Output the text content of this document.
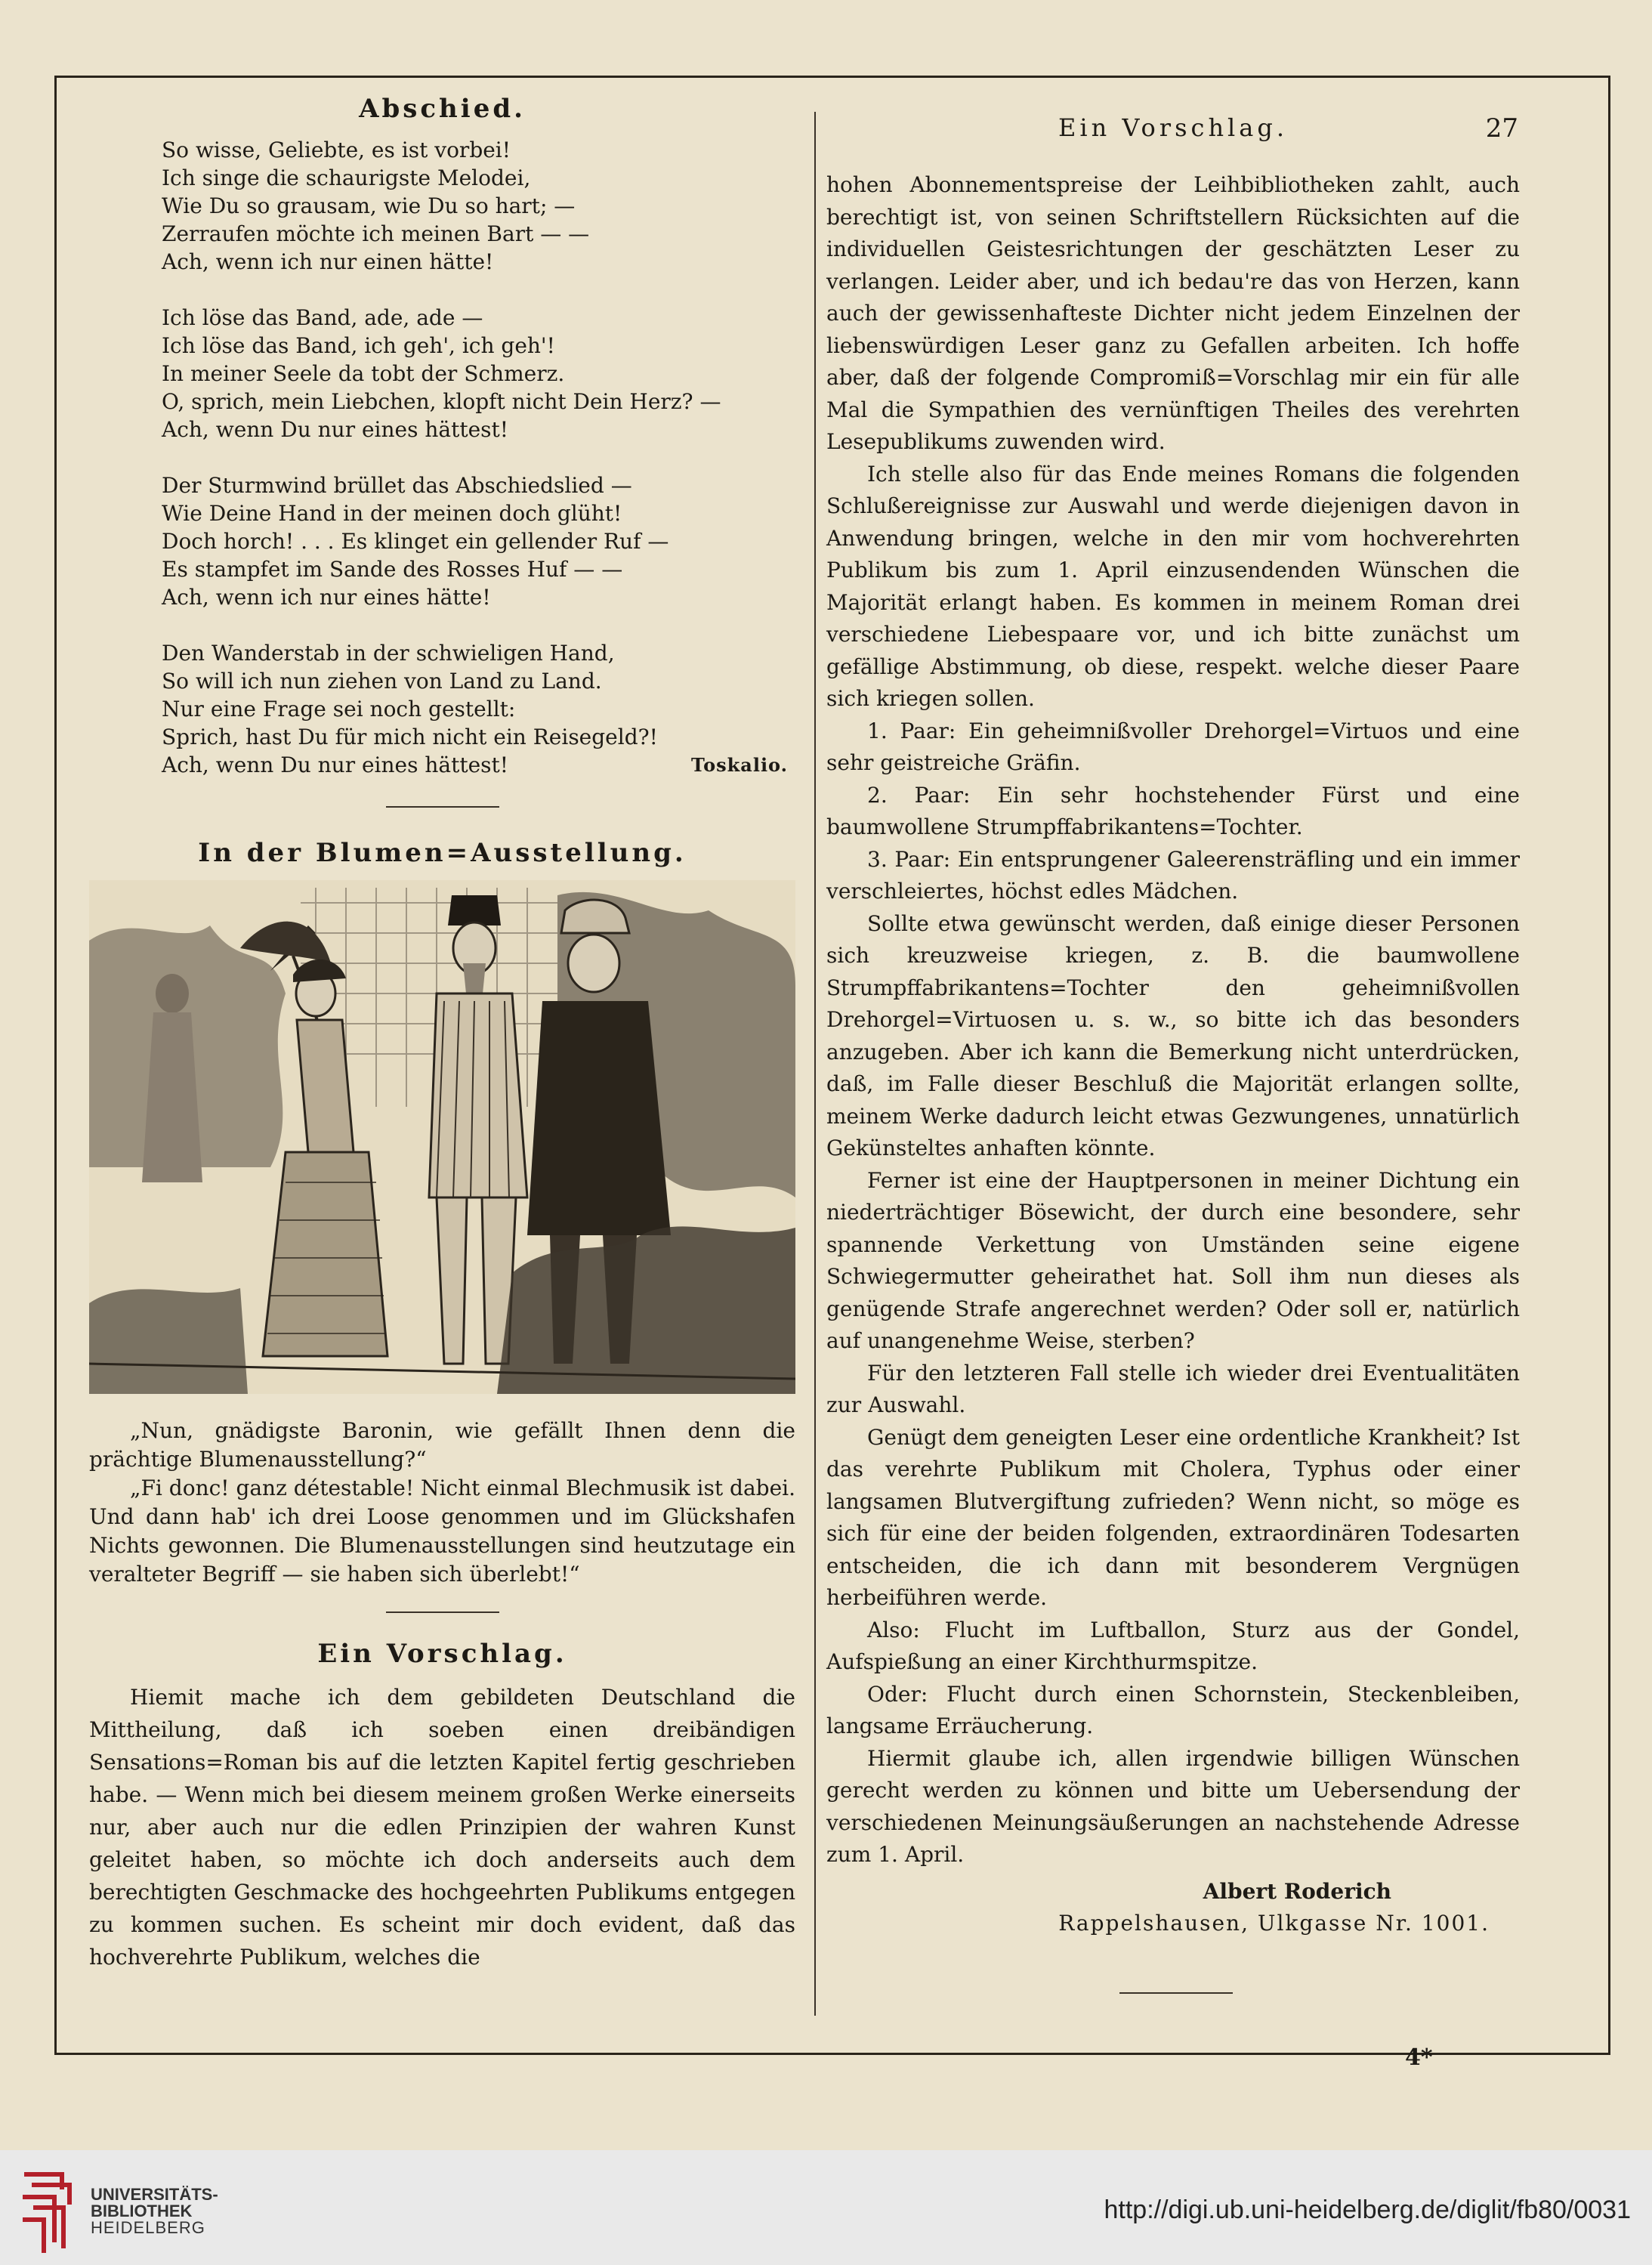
Abschied.
So wisse, Geliebte, es ist vorbei!
Ich singe die schaurigste Melodei,
Wie Du so grausam, wie Du so hart; —
Zerraufen möchte ich meinen Bart — —
Ach, wenn ich nur einen hätte!
Ich löse das Band, ade, ade —
Ich löse das Band, ich geh', ich geh'!
In meiner Seele da tobt der Schmerz.
O, sprich, mein Liebchen, klopft nicht Dein Herz? —
Ach, wenn Du nur eines hättest!
Der Sturmwind brüllet das Abschiedslied —
Wie Deine Hand in der meinen doch glüht!
Doch horch! . . . Es klinget ein gellender Ruf —
Es stampfet im Sande des Rosses Huf — —
Ach, wenn ich nur eines hätte!
Den Wanderstab in der schwieligen Hand,
So will ich nun ziehen von Land zu Land.
Nur eine Frage sei noch gestellt:
Sprich, hast Du für mich nicht ein Reisegeld?!
Ach, wenn Du nur eines hättest!	Toskalio.
In der Blumen=Ausstellung.

„Nun, gnädigste Baronin, wie gefällt Ihnen denn die prächtige Blumenausstellung?“

„Fi donc! ganz détestable! Nicht einmal Blechmusik ist dabei. Und dann hab' ich drei Loose genommen und im Glückshafen Nichts gewonnen. Die Blumenausstellungen sind heutzutage ein veralteter Begriff — sie haben sich überlebt!“

Ein Vorschlag.

Hiemit mache ich dem gebildeten Deutschland die Mittheilung, daß ich soeben einen dreibändigen Sensations=Roman bis auf die letzten Kapitel fertig geschrieben habe. — Wenn mich bei diesem meinem großen Werke einerseits nur, aber auch nur die edlen Prinzipien der wahren Kunst geleitet haben, so möchte ich doch anderseits auch dem berechtigten Geschmacke des hochgeehrten Publikums entgegen zu kommen suchen. Es scheint mir doch evident, daß das hochverehrte Publikum, welches die

Ein Vorschlag.	27

hohen Abonnementspreise der Leihbibliotheken zahlt, auch berechtigt ist, von seinen Schriftstellern Rücksichten auf die individuellen Geistesrichtungen der geschätzten Leser zu verlangen. Leider aber, und ich bedau're das von Herzen, kann auch der gewissenhafteste Dichter nicht jedem Einzelnen der liebenswürdigen Leser ganz zu Gefallen arbeiten. Ich hoffe aber, daß der folgende Compromiß=Vorschlag mir ein für alle Mal die Sympathien des vernünftigen Theiles des verehrten Lesepublikums zuwenden wird.

Ich stelle also für das Ende meines Romans die folgenden Schlußereignisse zur Auswahl und werde diejenigen davon in Anwendung bringen, welche in den mir vom hochverehrten Publikum bis zum 1. April einzusendenden Wünschen die Majorität erlangt haben. Es kommen in meinem Roman drei verschiedene Liebespaare vor, und ich bitte zunächst um gefällige Abstimmung, ob diese, respekt. welche dieser Paare sich kriegen sollen.

1. Paar: Ein geheimnißvoller Drehorgel=Virtuos und eine sehr geistreiche Gräfin.

2. Paar: Ein sehr hochstehender Fürst und eine baumwollene Strumpffabrikantens=Tochter.

3. Paar: Ein entsprungener Galeerensträfling und ein immer verschleiertes, höchst edles Mädchen.

Sollte etwa gewünscht werden, daß einige dieser Personen sich kreuzweise kriegen, z. B. die baumwollene Strumpffabrikantens=Tochter den geheimnißvollen Drehorgel=Virtuosen u. s. w., so bitte ich das besonders anzugeben. Aber ich kann die Bemerkung nicht unterdrücken, daß, im Falle dieser Beschluß die Majorität erlangen sollte, meinem Werke dadurch leicht etwas Gezwungenes, unnatürlich Gekünsteltes anhaften könnte.

Ferner ist eine der Hauptpersonen in meiner Dichtung ein niederträchtiger Bösewicht, der durch eine besondere, sehr spannende Verkettung von Umständen seine eigene Schwiegermutter geheirathet hat. Soll ihm nun dieses als genügende Strafe angerechnet werden? Oder soll er, natürlich auf unangenehme Weise, sterben?

Für den letzteren Fall stelle ich wieder drei Eventualitäten zur Auswahl.

Genügt dem geneigten Leser eine ordentliche Krankheit? Ist das verehrte Publikum mit Cholera, Typhus oder einer langsamen Blutvergiftung zufrieden? Wenn nicht, so möge es sich für eine der beiden folgenden, extraordinären Todesarten entscheiden, die ich dann mit besonderem Vergnügen herbeiführen werde.

Also: Flucht im Luftballon, Sturz aus der Gondel, Aufspießung an einer Kirchthurmspitze.

Oder: Flucht durch einen Schornstein, Steckenbleiben, langsame Erräucherung.

Hiermit glaube ich, allen irgendwie billigen Wünschen gerecht werden zu können und bitte um Uebersendung der verschiedenen Meinungsäußerungen an nachstehende Adresse zum 1. April.

Albert Roderich
Rappelshausen, Ulkgasse Nr. 1001.
4*
UNIVERSITÄTS-
BIBLIOTHEK
HEIDELBERG
http://digi.ub.uni-heidelberg.de/diglit/fb80/0031
